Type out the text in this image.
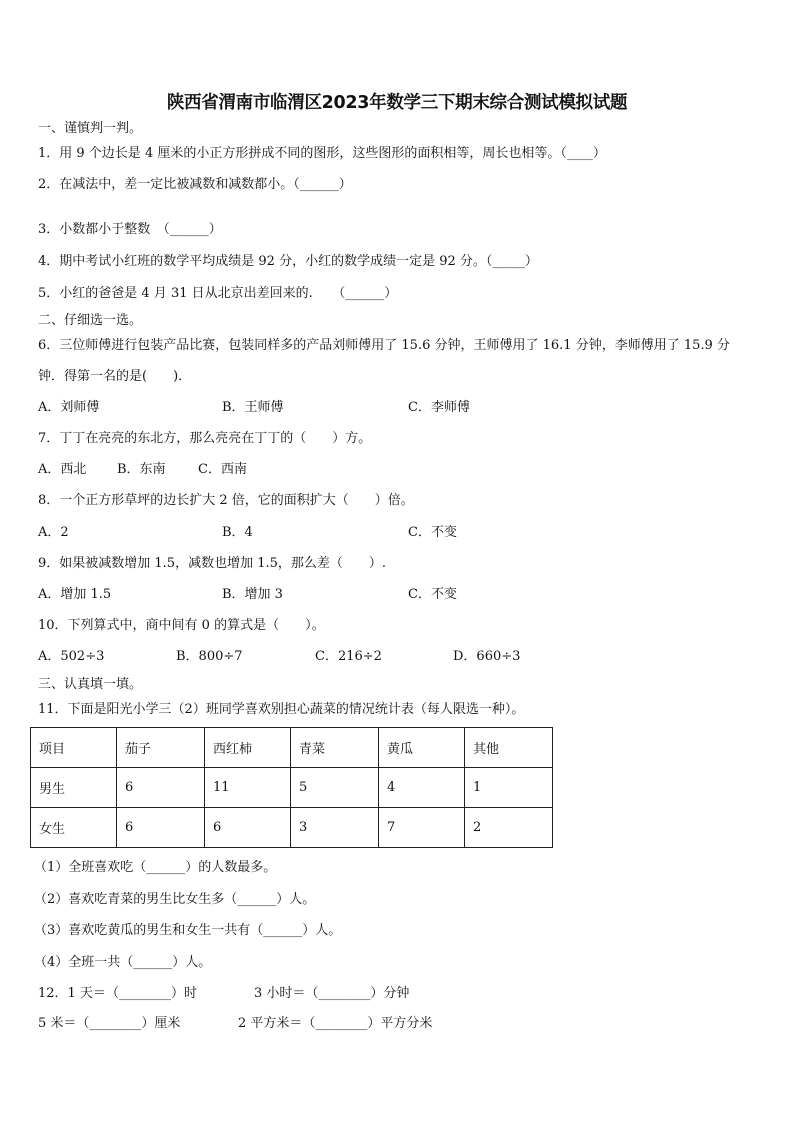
陕西省渭南市临渭区2023年数学三下期末综合测试模拟试题
一、谨慎判一判。
1．用 9 个边长是 4 厘米的小正方形拼成不同的图形，这些图形的面积相等，周长也相等。（____）
2．在减法中，差一定比被减数和减数都小。（______）
3．小数都小于整数　（______）
4．期中考试小红班的数学平均成绩是 92 分，小红的数学成绩一定是 92 分。（_____）
5．小红的爸爸是 4 月 31 日从北京出差回来的.　　（______）
二、仔细选一选。
6．三位师傅进行包装产品比赛，包装同样多的产品刘师傅用了 15.6 分钟，王师傅用了 16.1 分钟，李师傅用了 15.9 分
钟．得第一名的是(　　)．
A．刘师傅	B．王师傅	C．李师傅
7．丁丁在亮亮的东北方，那么亮亮在丁丁的（　　）方。
A．西北 B．东南 C．西南
8．一个正方形草坪的边长扩大 2 倍，它的面积扩大（　　）倍。
A．2	B．4	C．不变
9．如果被减数增加 1.5，减数也增加 1.5，那么差（　　）.
A．增加 1.5	B．增加 3	C．不变
10．下列算式中，商中间有 0 的算式是（　　）。
A．502÷3	B．800÷7	C．216÷2	D．660÷3
三、认真填一填。
11．下面是阳光小学三（2）班同学喜欢别担心蔬菜的情况统计表（每人限选一种）。
项目	茄子	西红柿	青菜	黄瓜	其他
男生	6	11	5	4	1
女生	6	6	3	7	2
（1）全班喜欢吃（______）的人数最多。
（2）喜欢吃青菜的男生比女生多（______）人。
（3）喜欢吃黄瓜的男生和女生一共有（______）人。
（4）全班一共（______）人。
12．1 天＝（________）时	3 小时＝（________）分钟
5 米＝（________）厘米	2 平方米＝（________）平方分米
